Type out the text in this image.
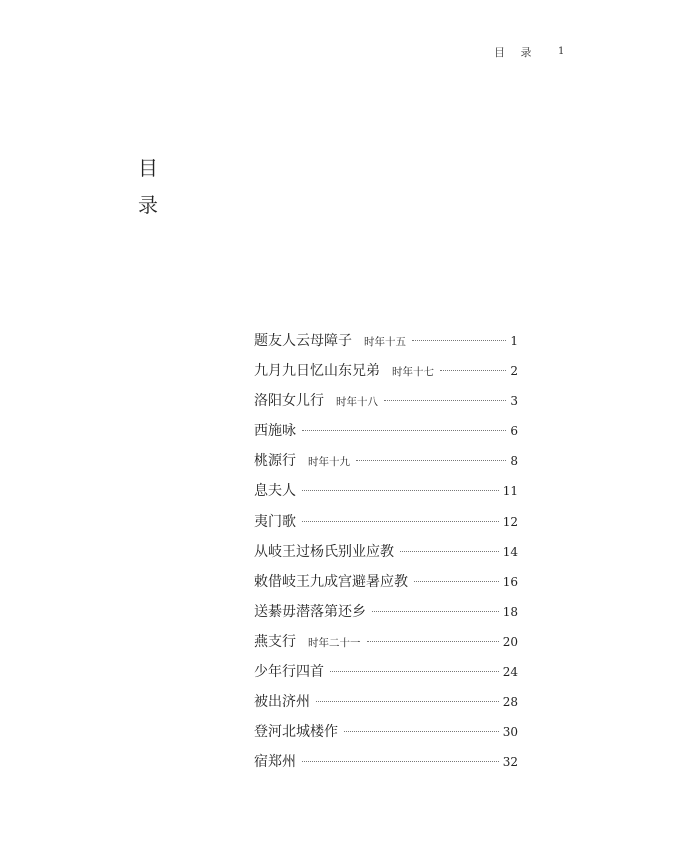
目 录 1
目
录
题友人云母障子 时年十五	1
九月九日忆山东兄弟 时年十七	2
洛阳女儿行 时年十八	3
西施咏	6
桃源行 时年十九	8
息夫人	11
夷门歌	12
从岐王过杨氏别业应教	14
敕借岐王九成宫避暑应教	16
送綦毋潜落第还乡	18
燕支行 时年二十一	20
少年行四首	24
被出济州	28
登河北城楼作	30
宿郑州	32
